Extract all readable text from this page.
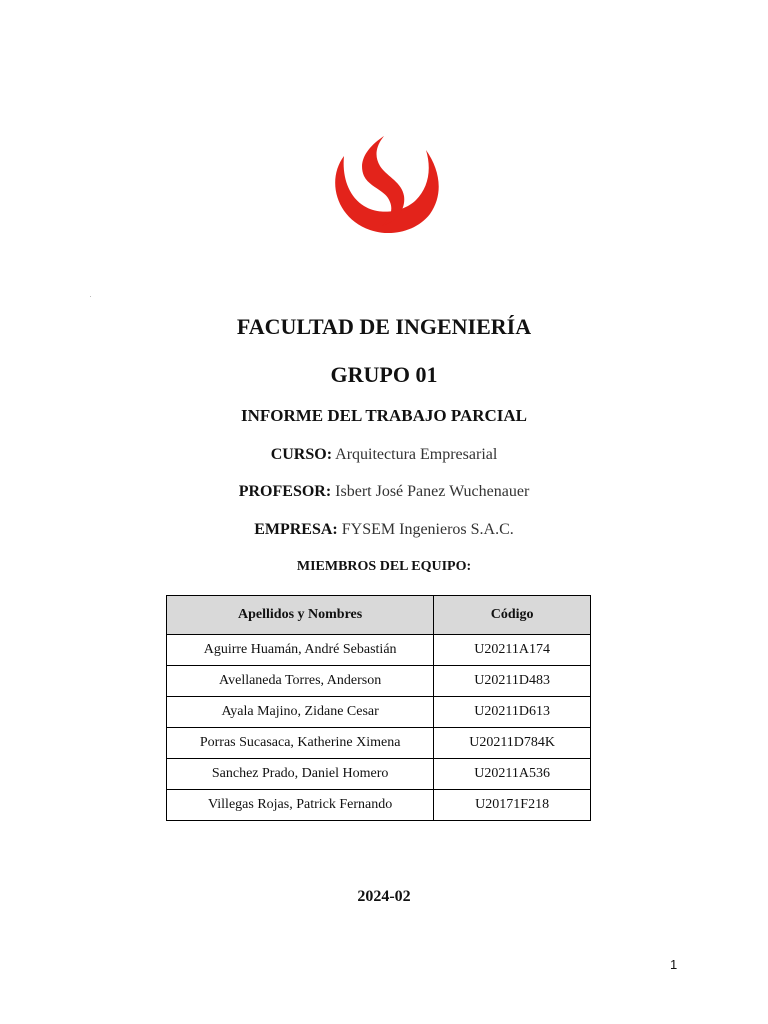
FACULTAD DE INGENIERÍA
GRUPO 01
INFORME DEL TRABAJO PARCIAL
CURSO: Arquitectura Empresarial
PROFESOR: Isbert José Panez Wuchenauer
EMPRESA: FYSEM Ingenieros S.A.C.
MIEMBROS DEL EQUIPO:
Apellidos y Nombres	Código
Aguirre Huamán, André Sebastián	U20211A174
Avellaneda Torres, Anderson	U20211D483
Ayala Majino, Zidane Cesar	U20211D613
Porras Sucasaca, Katherine Ximena	U20211D784K
Sanchez Prado, Daniel Homero	U20211A536
Villegas Rojas, Patrick Fernando	U20171F218
2024-02
1
